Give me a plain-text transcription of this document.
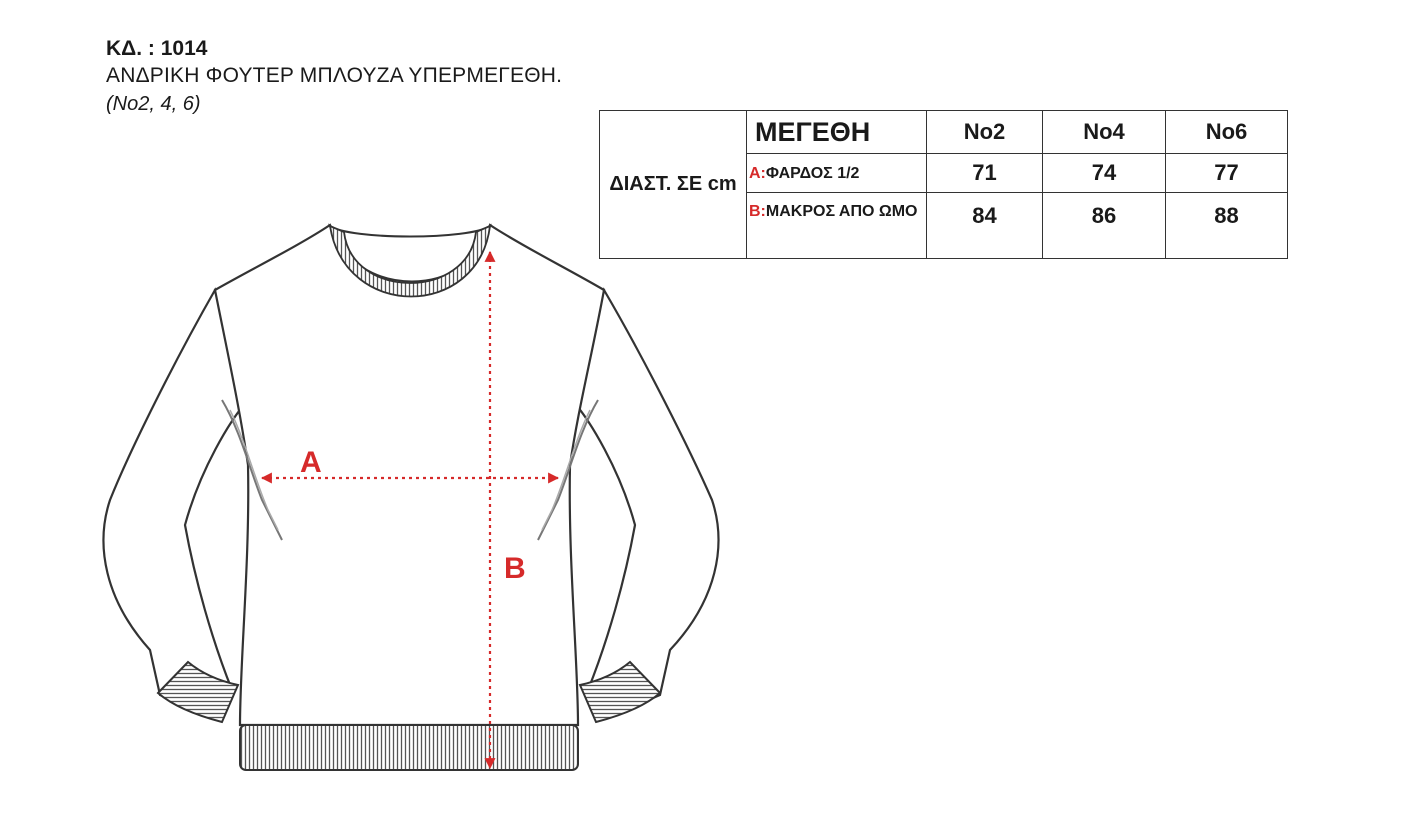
ΚΔ. : 1014
ΑΝΔΡΙΚΗ ΦΟΥΤΕΡ ΜΠΛΟΥΖΑ ΥΠΕΡΜΕΓΕΘΗ.
(No2, 4, 6)
ΔΙΑΣΤ. ΣΕ cm	ΜΕΓΕΘΗ	No2	No4	No6
	A:ΦΑΡΔΟΣ 1/2	71	74	77
	B:ΜΑΚΡΟΣ ΑΠΟ ΩΜΟ	84	86	88
A
B
